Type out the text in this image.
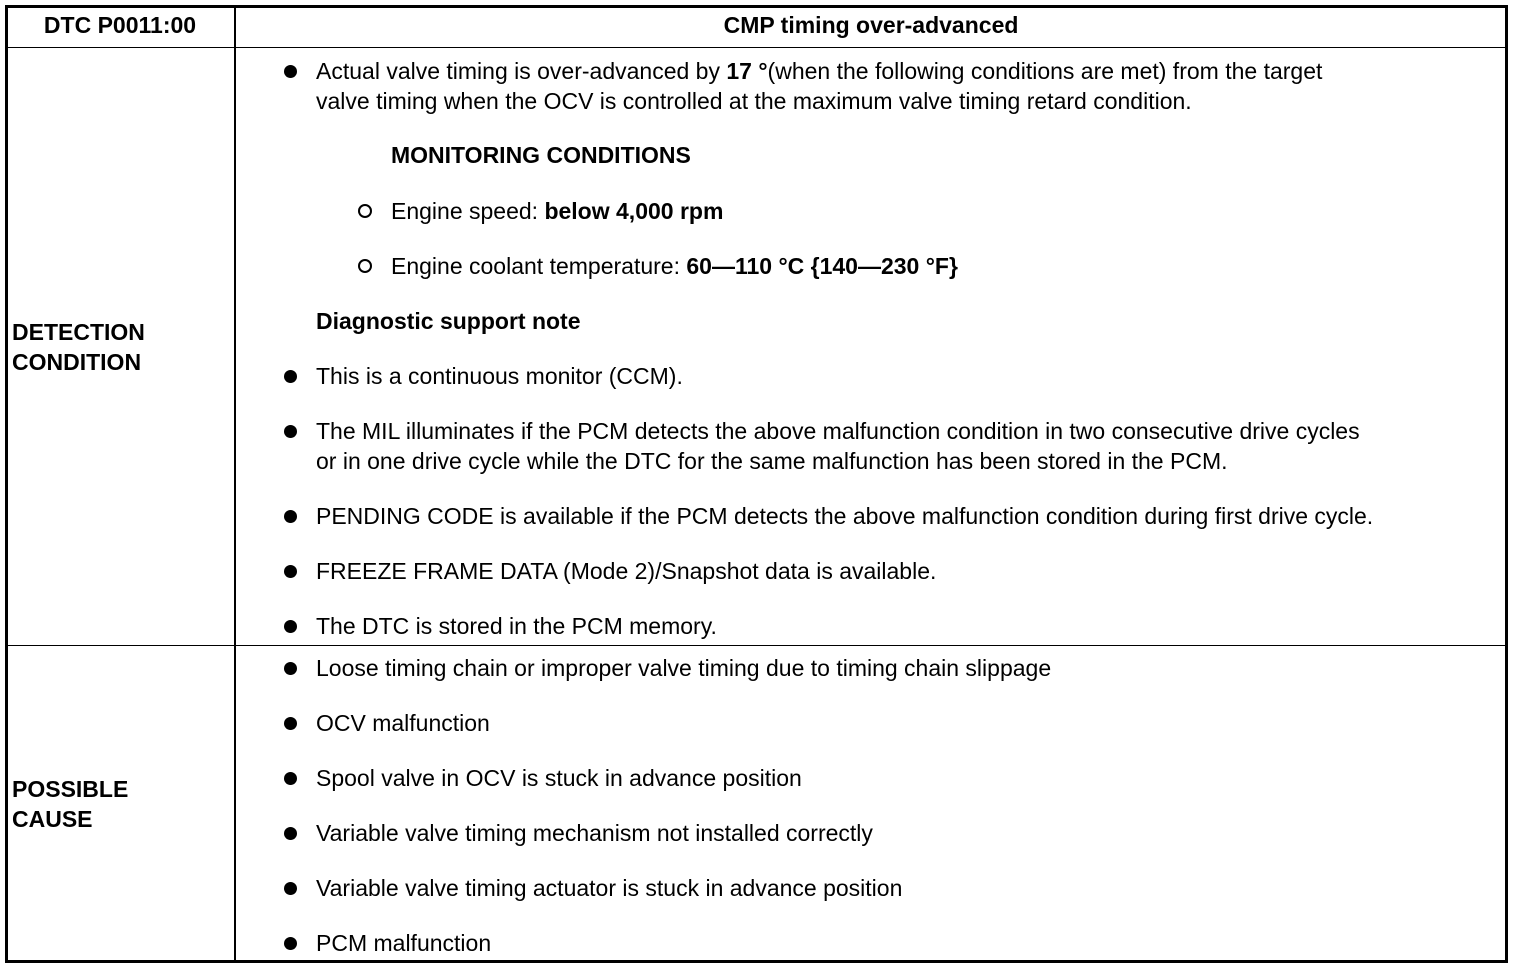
DTC P0011:00	CMP timing over-advanced
DETECTION
CONDITION
POSSIBLE
CAUSE
Actual valve timing is over-advanced by 17 °(when the following conditions are met) from the target
valve timing when the OCV is controlled at the maximum valve timing retard condition.
MONITORING CONDITIONS
Engine speed: below 4,000 rpm
Engine coolant temperature: 60—110 °C {140—230 °F}
Diagnostic support note
This is a continuous monitor (CCM).
The MIL illuminates if the PCM detects the above malfunction condition in two consecutive drive cycles
or in one drive cycle while the DTC for the same malfunction has been stored in the PCM.
PENDING CODE is available if the PCM detects the above malfunction condition during first drive cycle.
FREEZE FRAME DATA (Mode 2)/Snapshot data is available.
The DTC is stored in the PCM memory.
Loose timing chain or improper valve timing due to timing chain slippage
OCV malfunction
Spool valve in OCV is stuck in advance position
Variable valve timing mechanism not installed correctly
Variable valve timing actuator is stuck in advance position
PCM malfunction
